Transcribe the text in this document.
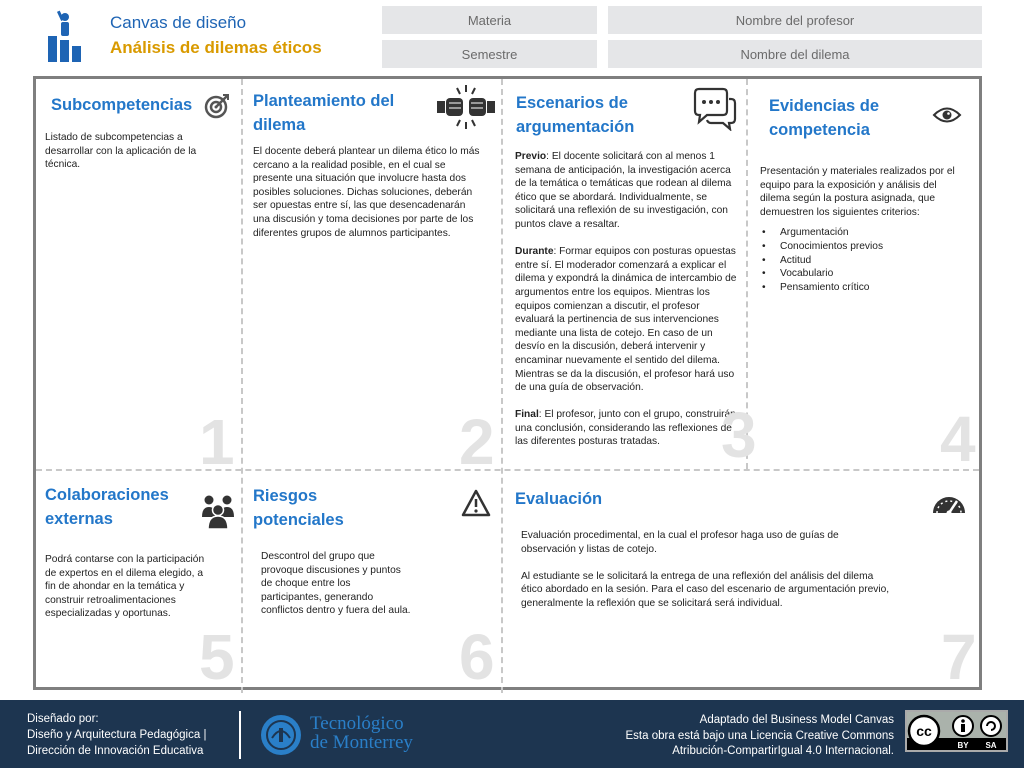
Canvas de diseño
Análisis de dilemas éticos
Materia
Semestre
Nombre del profesor
Nombre del dilema
Subcompetencias
Listado de subcompetencias a desarrollar con la aplicación de la técnica.
1
Planteamiento del
dilema
El docente deberá plantear un dilema ético lo más cercano a la realidad posible, en el cual se presente una situación que involucre hasta dos posibles soluciones. Dichas soluciones, deberán ser opuestas entre sí, las que desencadenarán una discusión y toma decisiones por parte de los diferentes grupos de alumnos participantes.
2
Escenarios de
argumentación

Previo: El docente solicitará con al menos 1 semana de anticipación, la investigación acerca de la temática o temáticas que rodean al dilema ético que se abordará. Individualmente, se solicitará una reflexión de su investigación, con puntos clave a resaltar.

Durante: Formar equipos con posturas opuestas entre sí. El moderador comenzará a explicar el dilema y expondrá la dinámica de intercambio de argumentos entre los equipos. Mientras los equipos comienzan a discutir, el profesor evaluará la pertinencia de sus intervenciones mediante una lista de cotejo. En caso de un desvío en la discusión, deberá intervenir y encaminar nuevamente el sentido del dilema. Mientras se da la discusión, el profesor hará uso de una guía de observación.

Final: El profesor, junto con el grupo, construirán una conclusión, considerando las reflexiones de las diferentes posturas tratadas. 3
Evidencias de
competencia

Presentación y materiales realizados por el equipo para la exposición y análisis del dilema según la postura asignada, que demuestren los siguientes criterios:

• Argumentación
• Conocimientos previos
• Actitud
• Vocabulario
• Pensamiento crítico
4
Colaboraciones
externas
Podrá contarse con la participación de expertos en el dilema elegido, a fin de ahondar en la temática y construir retroalimentaciones especializadas y oportunas.
5
Riesgos
potenciales
Descontrol del grupo que provoque discusiones y puntos de choque entre los participantes, generando conflictos dentro y fuera del aula.
6
Evaluación

Evaluación procedimental, en la cual el profesor haga uso de guías de observación y listas de cotejo.

Al estudiante se le solicitará la entrega de una reflexión del análisis del dilema ético abordado en la sesión. Para el caso del escenario de argumentación previo, generalmente la reflexión que se solicitará será individual.

7
Diseñado por:
Diseño y Arquitectura Pedagógica |
Dirección de Innovación Educativa
Tecnológico
de Monterrey
Adaptado del Business Model Canvas
Esta obra está bajo una Licencia Creative Commons
Atribución-CompartirIgual 4.0 Internacional.
cc
BY SA
